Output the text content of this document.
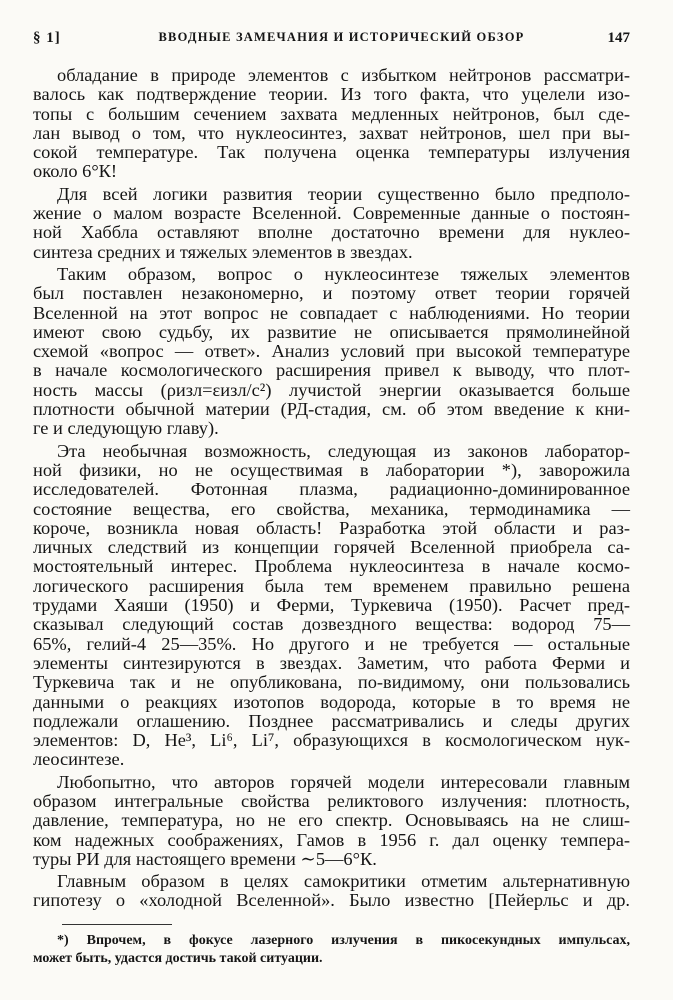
§ 1]	ВВОДНЫЕ ЗАМЕЧАНИЯ И ИСТОРИЧЕСКИЙ ОБЗОР	147
обладание в природе элементов с избытком нейтронов рассматри-
валось как подтверждение теории. Из того факта, что уцелели изо-
топы с большим сечением захвата медленных нейтронов, был сде-
лан вывод о том, что нуклеосинтез, захват нейтронов, шел при вы-
сокой температуре. Так получена оценка температуры излучения
около 6°К!
Для всей логики развития теории существенно было предполо-
жение о малом возрасте Вселенной. Современные данные о постоян-
ной Хаббла оставляют вполне достаточно времени для нуклео-
синтеза средних и тяжелых элементов в звездах.
Таким образом, вопрос о нуклеосинтезе тяжелых элементов
был поставлен незакономерно, и поэтому ответ теории горячей
Вселенной на этот вопрос не совпадает с наблюдениями. Но теории
имеют свою судьбу, их развитие не описывается прямолинейной
схемой «вопрос — ответ». Анализ условий при высокой температуре
в начале космологического расширения привел к выводу, что плот-
ность массы (ρизл=εизл/c²) лучистой энергии оказывается больше
плотности обычной материи (РД-стадия, см. об этом введение к кни-
ге и следующую главу).
Эта необычная возможность, следующая из законов лаборатор-
ной физики, но не осуществимая в лаборатории *), заворожила
исследователей. Фотонная плазма, радиационно-доминированное
состояние вещества, его свойства, механика, термодинамика —
короче, возникла новая область! Разработка этой области и раз-
личных следствий из концепции горячей Вселенной приобрела са-
мостоятельный интерес. Проблема нуклеосинтеза в начале космо-
логического расширения была тем временем правильно решена
трудами Хаяши (1950) и Ферми, Туркевича (1950). Расчет пред-
сказывал следующий состав дозвездного вещества: водород 75—
65%, гелий-4 25—35%. Но другого и не требуется — остальные
элементы синтезируются в звездах. Заметим, что работа Ферми и
Туркевича так и не опубликована, по-видимому, они пользовались
данными о реакциях изотопов водорода, которые в то время не
подлежали оглашению. Позднее рассматривались и следы других
элементов: D, He³, Li⁶, Li⁷, образующихся в космологическом нук-
леосинтезе.
Любопытно, что авторов горячей модели интересовали главным
образом интегральные свойства реликтового излучения: плотность,
давление, температура, но не его спектр. Основываясь на не слиш-
ком надежных соображениях, Гамов в 1956 г. дал оценку темпера-
туры РИ для настоящего времени ∼5—6°К.
Главным образом в целях самокритики отметим альтернативную
гипотезу о «холодной Вселенной». Было известно [Пейерльс и др.
*) Впрочем, в фокусе лазерного излучения в пикосекундных импульсах,
может быть, удастся достичь такой ситуации.
